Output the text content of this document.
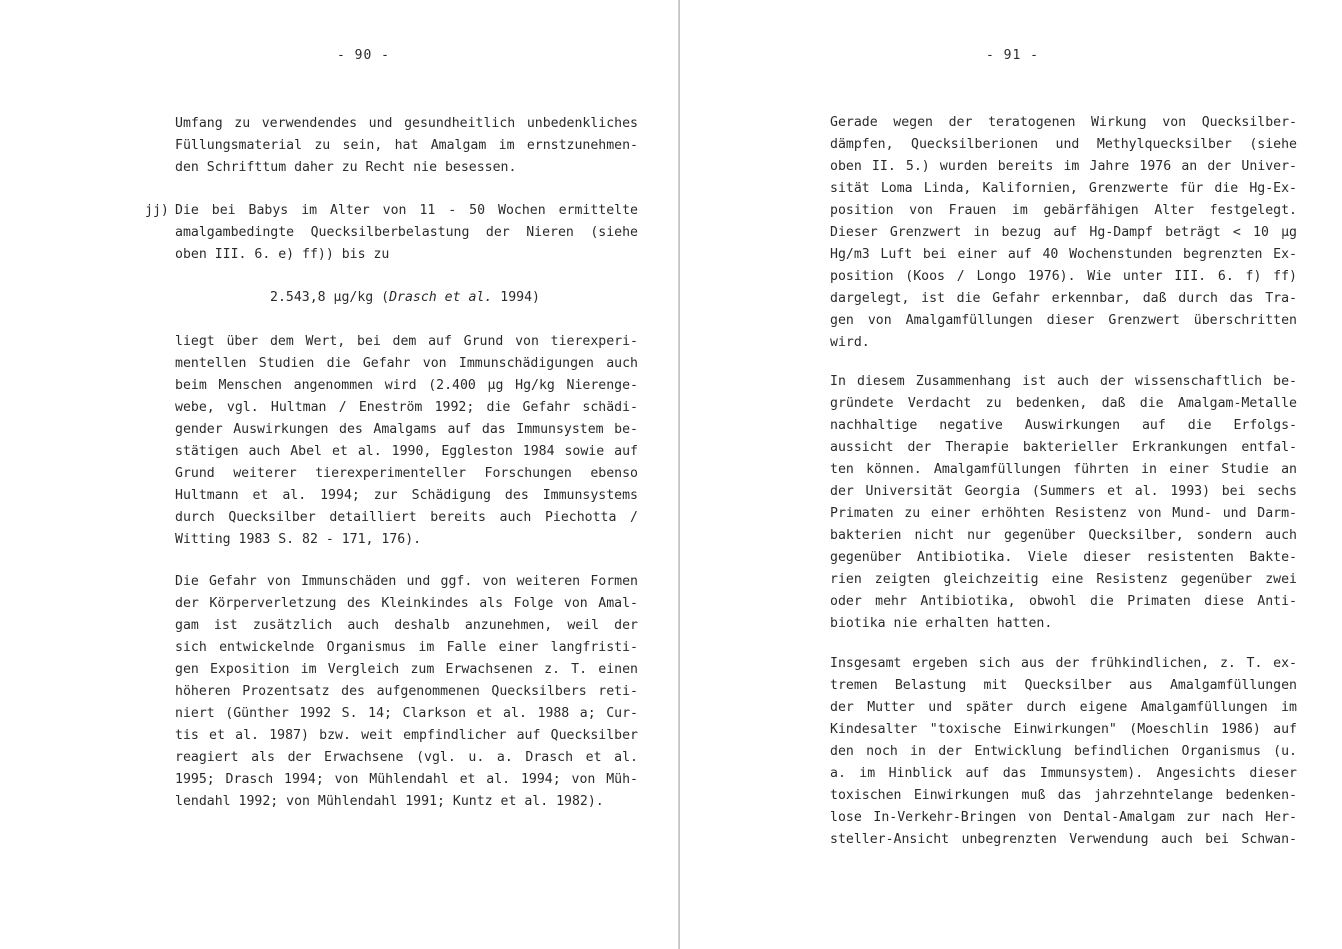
- 90 -
Umfang zu verwendendes und gesundheitlich unbedenkliches
Füllungsmaterial zu sein, hat Amalgam im ernstzunehmen-
den Schrifttum daher zu Recht nie besessen.
jj) Die bei Babys im Alter von 11 - 50 Wochen ermittelte
amalgambedingte Quecksilberbelastung der Nieren (siehe
oben III. 6. e) ff)) bis zu
2.543,8 µg/kg (Drasch et al. 1994)
liegt über dem Wert, bei dem auf Grund von tierexperi-
mentellen Studien die Gefahr von Immunschädigungen auch
beim Menschen angenommen wird (2.400 µg Hg/kg Nierenge-
webe, vgl. Hultman / Eneström 1992; die Gefahr schädi-
gender Auswirkungen des Amalgams auf das Immunsystem be-
stätigen auch Abel et al. 1990, Eggleston 1984 sowie auf
Grund weiterer tierexperimenteller Forschungen ebenso
Hultmann et al. 1994; zur Schädigung des Immunsystems
durch Quecksilber detailliert bereits auch Piechotta /
Witting 1983 S. 82 - 171, 176).
Die Gefahr von Immunschäden und ggf. von weiteren Formen
der Körperverletzung des Kleinkindes als Folge von Amal-
gam ist zusätzlich auch deshalb anzunehmen, weil der
sich entwickelnde Organismus im Falle einer langfristi-
gen Exposition im Vergleich zum Erwachsenen z. T. einen
höheren Prozentsatz des aufgenommenen Quecksilbers reti-
niert (Günther 1992 S. 14; Clarkson et al. 1988 a; Cur-
tis et al. 1987) bzw. weit empfindlicher auf Quecksilber
reagiert als der Erwachsene (vgl. u. a. Drasch et al.
1995; Drasch 1994; von Mühlendahl et al. 1994; von Müh-
lendahl 1992; von Mühlendahl 1991; Kuntz et al. 1982).
- 91 -
Gerade wegen der teratogenen Wirkung von Quecksilber-
dämpfen, Quecksilberionen und Methylquecksilber (siehe
oben II. 5.) wurden bereits im Jahre 1976 an der Univer-
sität Loma Linda, Kalifornien, Grenzwerte für die Hg-Ex-
position von Frauen im gebärfähigen Alter festgelegt.
Dieser Grenzwert in bezug auf Hg-Dampf beträgt < 10 µg
Hg/m3 Luft bei einer auf 40 Wochenstunden begrenzten Ex-
position (Koos / Longo 1976). Wie unter III. 6. f) ff)
dargelegt, ist die Gefahr erkennbar, daß durch das Tra-
gen von Amalgamfüllungen dieser Grenzwert überschritten
wird.
In diesem Zusammenhang ist auch der wissenschaftlich be-
gründete Verdacht zu bedenken, daß die Amalgam-Metalle
nachhaltige negative Auswirkungen auf die Erfolgs-
aussicht der Therapie bakterieller Erkrankungen entfal-
ten können. Amalgamfüllungen führten in einer Studie an
der Universität Georgia (Summers et al. 1993) bei sechs
Primaten zu einer erhöhten Resistenz von Mund- und Darm-
bakterien nicht nur gegenüber Quecksilber, sondern auch
gegenüber Antibiotika. Viele dieser resistenten Bakte-
rien zeigten gleichzeitig eine Resistenz gegenüber zwei
oder mehr Antibiotika, obwohl die Primaten diese Anti-
biotika nie erhalten hatten.
Insgesamt ergeben sich aus der frühkindlichen, z. T. ex-
tremen Belastung mit Quecksilber aus Amalgamfüllungen
der Mutter und später durch eigene Amalgamfüllungen im
Kindesalter "toxische Einwirkungen" (Moeschlin 1986) auf
den noch in der Entwicklung befindlichen Organismus (u.
a. im Hinblick auf das Immunsystem). Angesichts dieser
toxischen Einwirkungen muß das jahrzehntelange bedenken-
lose In-Verkehr-Bringen von Dental-Amalgam zur nach Her-
steller-Ansicht unbegrenzten Verwendung auch bei Schwan-
